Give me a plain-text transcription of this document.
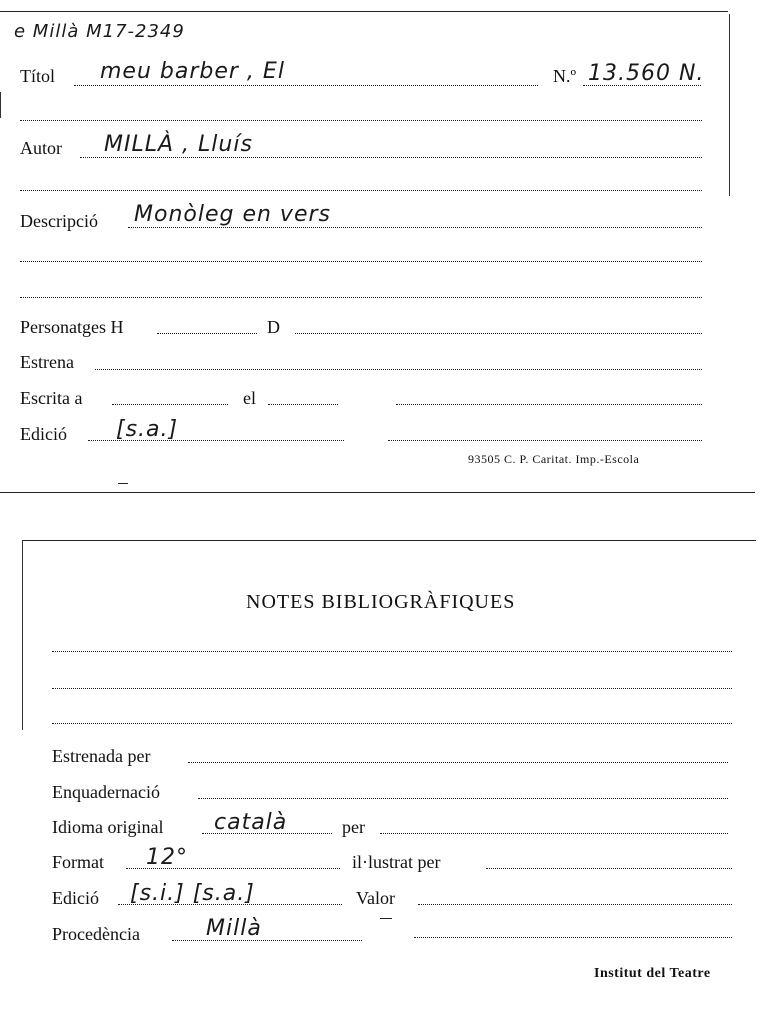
e Millà M17-2349
Títol meu barber , El	N.º 13.560 N.
Autor MILLÀ , Lluís
Descripció Monòleg en vers
Personatges H	D
Estrena
Escrita a	el
Edició [s.a.]
93505 C. P. Caritat. Imp.-Escola
NOTES BIBLIOGRÀFIQUES
Estrenada per
Enquadernació
Idioma original català	per
Format 12°	il·lustrat per
Edició [s.i.] [s.a.]	Valor
Procedència	Millà
Institut del Teatre
